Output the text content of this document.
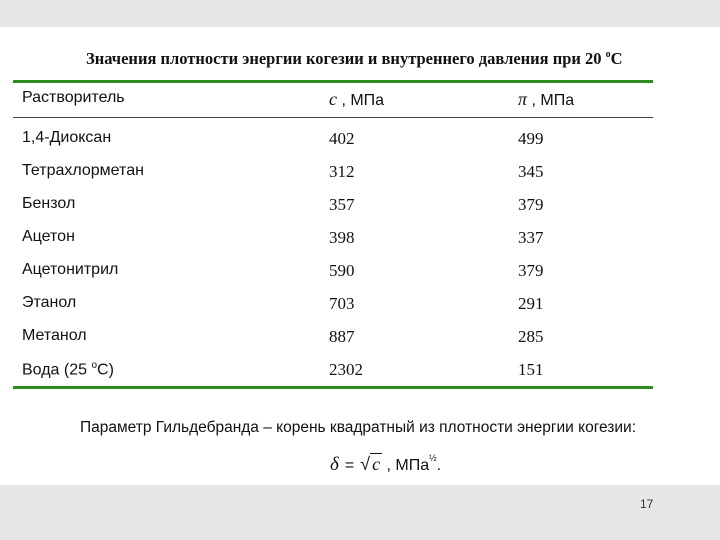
Значения плотности энергии когезии и внутреннего давления при 20 $^o$C
Растворитель	c , МПа	π , МПа
1,4-Диоксан	402	499
Тетрахлорметан	312	345
Бензол	357	379
Ацетон	398	337
Ацетонитрил	590	379
Этанол	703	291
Метанол	887	285
Вода (25 $^o$C)	2302	151
Параметр Гильдебранда – корень квадратный из плотности энергии когезии:
δ = √ c , МПа$^{\frac{1}{2}}$.
17
